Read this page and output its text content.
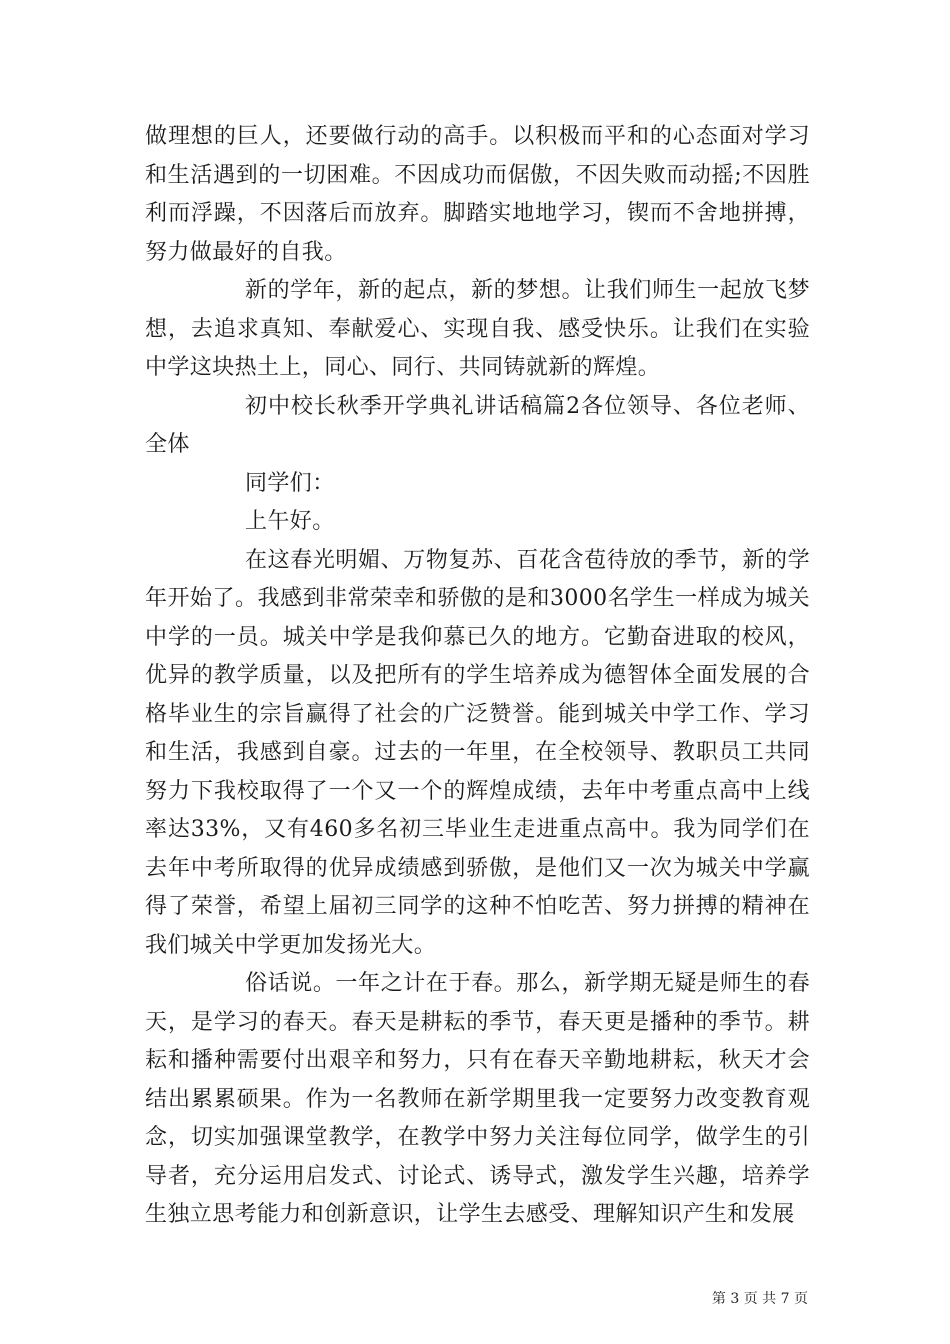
做理想的巨人，还要做行动的高手。以积极而平和的心态面对学习和生活遇到的一切困难。不因成功而倨傲，不因失败而动摇;不因胜利而浮躁，不因落后而放弃。脚踏实地地学习，锲而不舍地拼搏，努力做最好的自我。

新的学年，新的起点，新的梦想。让我们师生一起放飞梦想，去追求真知、奉献爱心、实现自我、感受快乐。让我们在实验中学这块热土上，同心、同行、共同铸就新的辉煌。

初中校长秋季开学典礼讲话稿篇2各位领导、各位老师、全体

同学们：

上午好。

在这春光明媚、万物复苏、百花含苞待放的季节，新的学年开始了。我感到非常荣幸和骄傲的是和3000名学生一样成为城关中学的一员。城关中学是我仰慕已久的地方。它勤奋进取的校风，优异的教学质量，以及把所有的学生培养成为德智体全面发展的合格毕业生的宗旨赢得了社会的广泛赞誉。能到城关中学工作、学习和生活，我感到自豪。过去的一年里，在全校领导、教职员工共同努力下我校取得了一个又一个的辉煌成绩，去年中考重点高中上线率达33%，又有460多名初三毕业生走进重点高中。我为同学们在去年中考所取得的优异成绩感到骄傲，是他们又一次为城关中学赢得了荣誉，希望上届初三同学的这种不怕吃苦、努力拼搏的精神在我们城关中学更加发扬光大。

俗话说。一年之计在于春。那么，新学期无疑是师生的春天，是学习的春天。春天是耕耘的季节，春天更是播种的季节。耕耘和播种需要付出艰辛和努力，只有在春天辛勤地耕耘，秋天才会结出累累硕果。作为一名教师在新学期里我一定要努力改变教育观念，切实加强课堂教学，在教学中努力关注每位同学，做学生的引导者，充分运用启发式、讨论式、诱导式，激发学生兴趣，培养学生独立思考能力和创新意识，让学生去感受、理解知识产生和发展

第 3 页 共 7 页
